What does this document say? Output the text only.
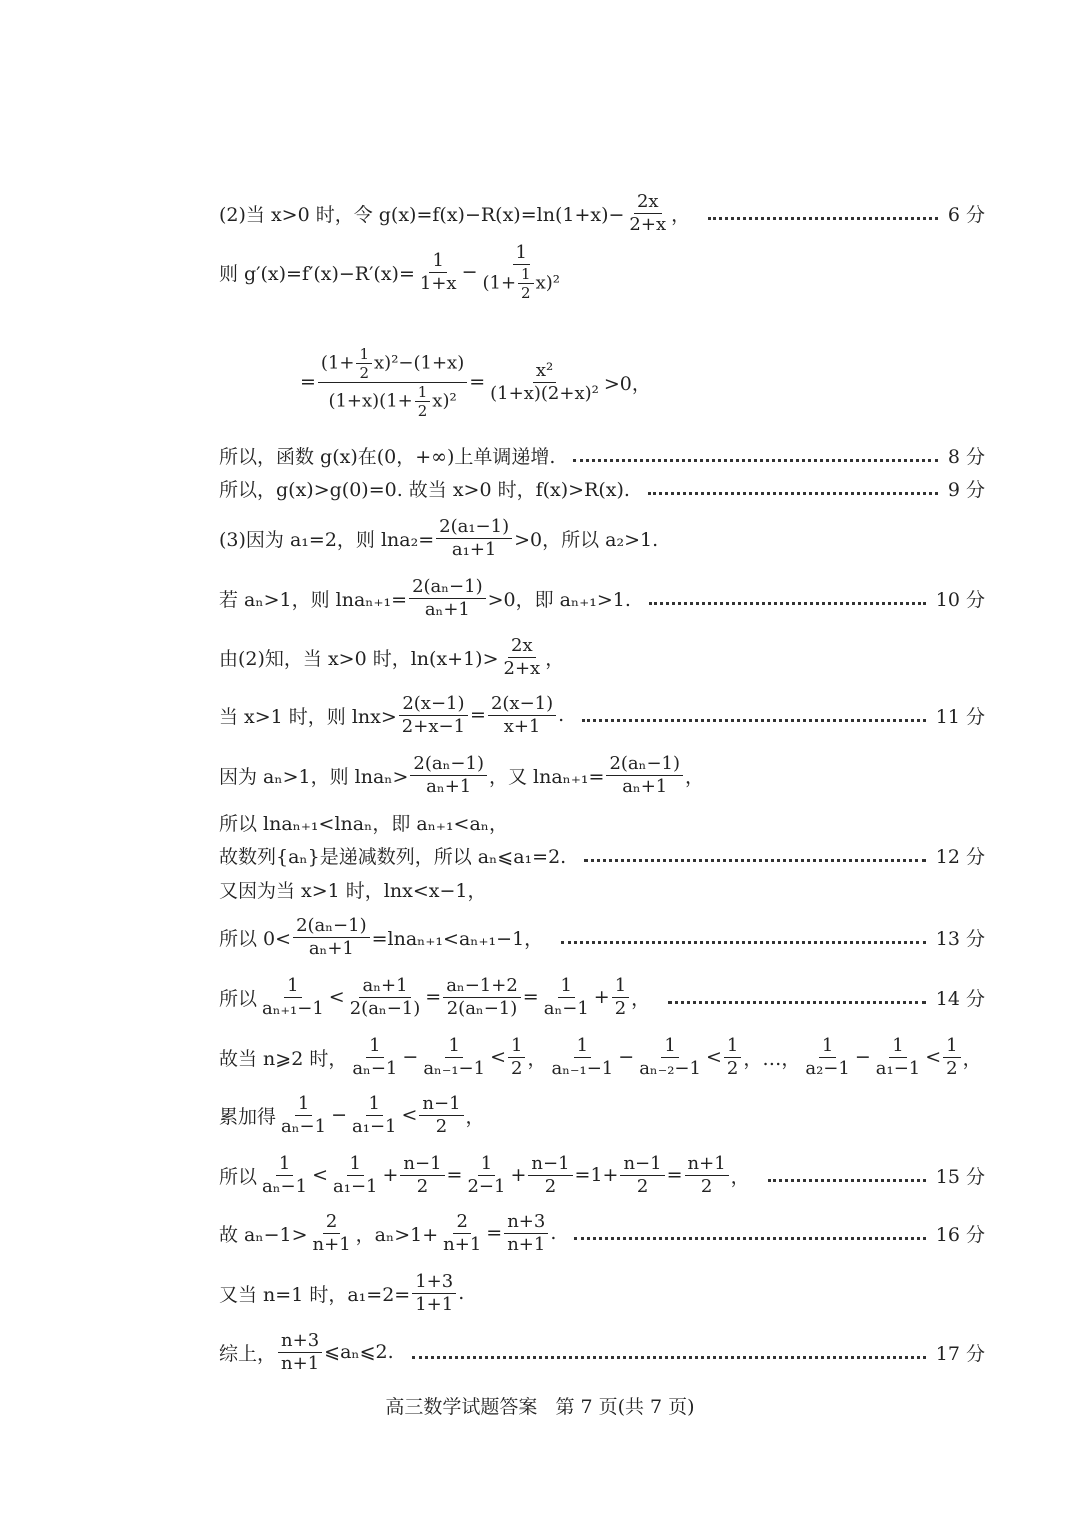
(2)当 x>0 时，令 $g(x)=f(x)-R(x)=\ln(1+x)- \frac{2x}{2+x}$ ，	6 分
则 $g'(x)=f'(x)-R'(x)= \frac{1}{1+x} - \frac{1}{(1+ \frac{1}{2} x)^2}$
= $\frac{(1+ \frac{1}{2} x)^2-(1+x)}{(1+x)(1+ \frac{1}{2} x)^2} = \frac{\text{x²}}{\text{(1+x)(2+x)²}} >0$，
所以，函数 g(x)在(0，+∞)上单调递增.	8 分
所以，g(x)>g(0)=0. 故当 x>0 时，f(x)>R(x).	9 分
(3)因为 a₁=2，则 $\ln a_2= \frac{\text{2(a₁−1)}}{\text{a₁+1}} >0$，所以 a₂>1.
若 aₙ>1，则 $\ln a_{n+1}= \frac{\text{2(aₙ−1)}}{\text{aₙ+1}} >0$，即 aₙ₊₁>1.	10 分
由(2)知，当 x>0 时，$\ln(x+1)> \frac{2x}{2+x}$ ，
当 x>1 时，则 $\ln x> \frac{2(x-1)}{2+x-1} = \frac{2(x-1)}{x+1}$ .	11 分
因为 aₙ>1，则 $\ln a_n> \frac{\text{2(aₙ−1)}}{\text{aₙ+1}}$ ，又 $\ln a_{n+1}= \frac{\text{2(aₙ−1)}}{\text{aₙ+1}}$ ，
所以 lnaₙ₊₁<lnaₙ，即 aₙ₊₁<aₙ，
故数列{aₙ}是递减数列，所以 aₙ⩽a₁=2.	12 分
又因为当 x>1 时，lnx<x−1，
所以 $0< \frac{\text{2(aₙ−1)}}{\text{aₙ+1}} =\ln a_{n+1}<a_{n+1}-1$，	13 分
所以 $\frac{1}{\text{aₙ₊₁−1}} < \frac{\text{aₙ+1}}{\text{2(aₙ−1)}} = \frac{\text{aₙ−1+2}}{\text{2(aₙ−1)}} = \frac{1}{\text{aₙ−1}} + \frac{1}{2}$ ，	14 分
故当 n⩾2 时， $\frac{1}{\text{aₙ−1}} - \frac{1}{\text{aₙ₋₁−1}} < \frac{1}{2}$ ， $\frac{1}{\text{aₙ₋₁−1}} - \frac{1}{\text{aₙ₋₂−1}} < \frac{1}{2}$ ，…， $\frac{1}{\text{a₂−1}} - \frac{1}{\text{a₁−1}} < \frac{1}{2}$ ，
累加得 $\frac{1}{\text{aₙ−1}} - \frac{1}{\text{a₁−1}} < \frac{n-1}{2}$ ，
所以 $\frac{1}{\text{aₙ−1}} < \frac{1}{\text{a₁−1}} + \frac{n-1}{2} = \frac{1}{2-1} + \frac{n-1}{2} =1+ \frac{n-1}{2} = \frac{n+1}{2}$ ，	15 分
故 $a_n-1> \frac{2}{n+1}$ ，$a_n>1+ \frac{2}{n+1} = \frac{n+3}{n+1}$ .	16 分
又当 n=1 时，$a_1=2= \frac{1+3}{1+1}$ .
综上， $\frac{n+3}{n+1}$ ⩽aₙ⩽2.	17 分
高三数学试题答案 第 7 页(共 7 页)
